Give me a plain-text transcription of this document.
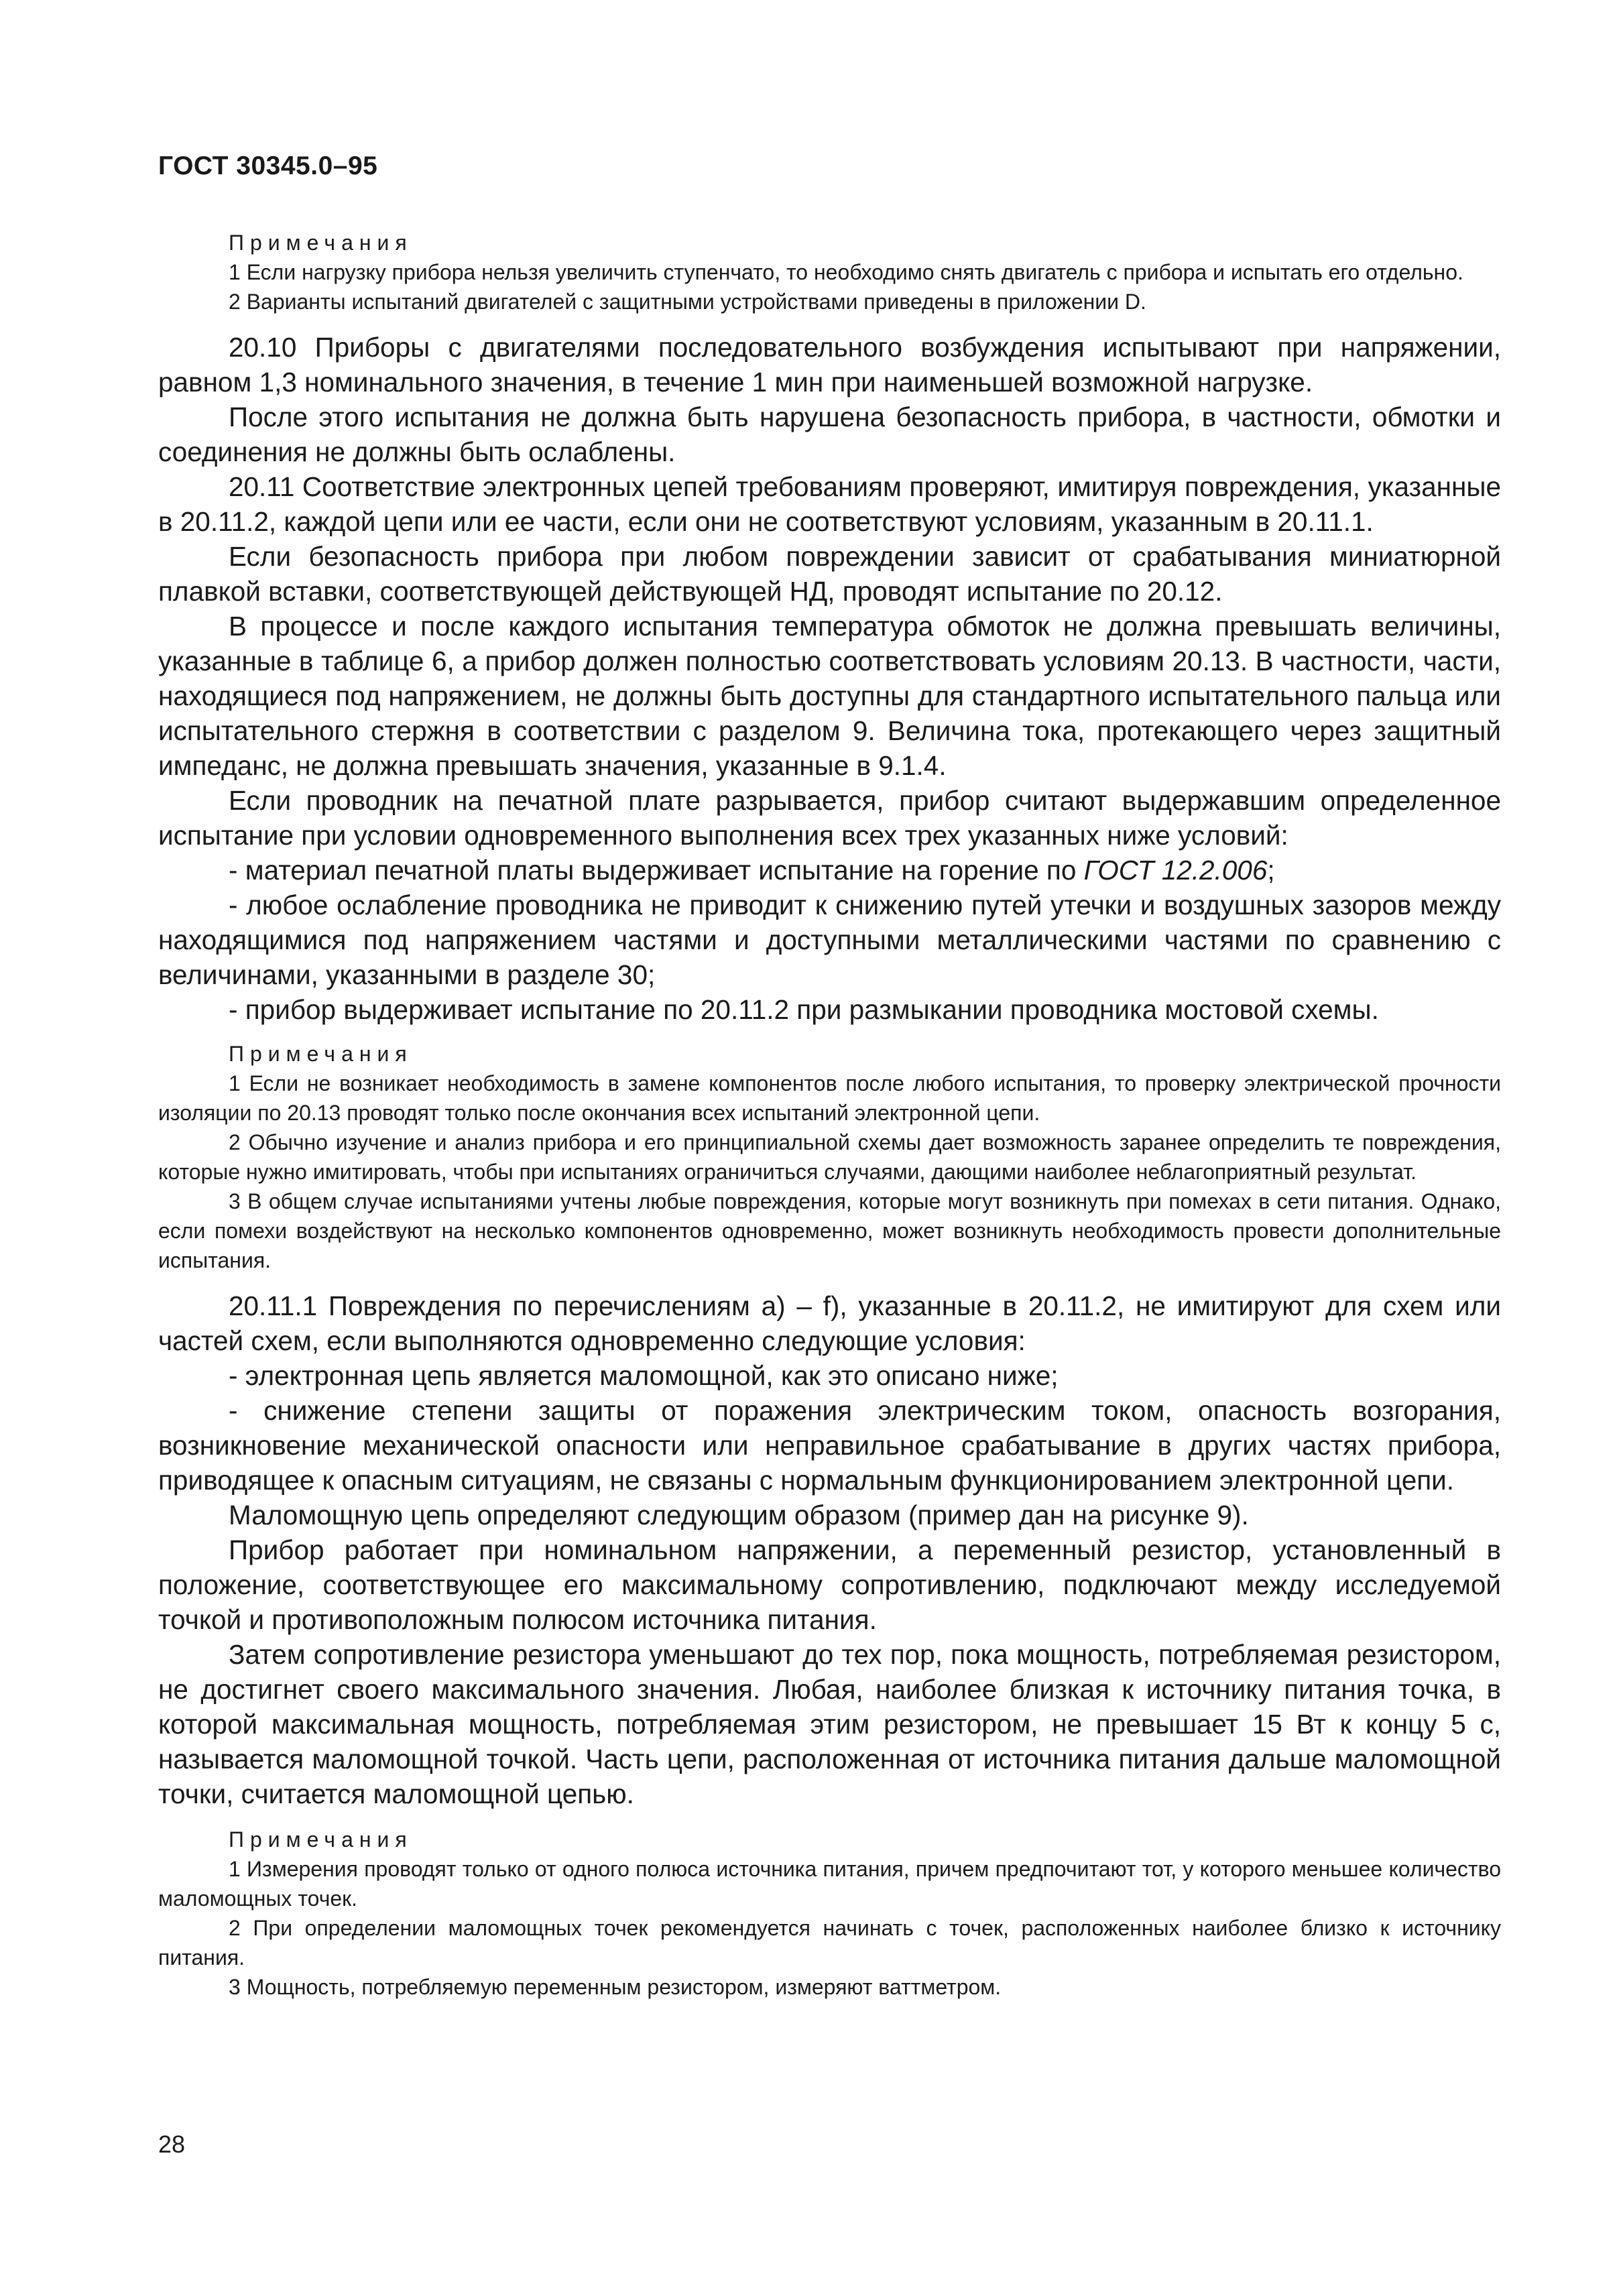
ГОСТ 30345.0–95

Примечания

1 Если нагрузку прибора нельзя увеличить ступенчато, то необходимо снять двигатель с прибора и испытать его отдельно.

2 Варианты испытаний двигателей с защитными устройствами приведены в приложении D.

20.10 Приборы с двигателями последовательного возбуждения испытывают при напряжении, равном 1,3 номинального значения, в течение 1 мин при наименьшей возможной нагрузке.

После этого испытания не должна быть нарушена безопасность прибора, в частности, обмотки и соединения не должны быть ослаблены.

20.11 Соответствие электронных цепей требованиям проверяют, имитируя повреждения, указанные в 20.11.2, каждой цепи или ее части, если они не соответствуют условиям, указанным в 20.11.1.

Если безопасность прибора при любом повреждении зависит от срабатывания миниатюрной плавкой вставки, соответствующей действующей НД, проводят испытание по 20.12.

В процессе и после каждого испытания температура обмоток не должна превышать величины, указанные в таблице 6, а прибор должен полностью соответствовать условиям 20.13. В частности, части, находящиеся под напряжением, не должны быть доступны для стандартного испытательного пальца или испытательного стержня в соответствии с разделом 9. Величина тока, протекающего через защитный импеданс, не должна превышать значения, указанные в 9.1.4.

Если проводник на печатной плате разрывается, прибор считают выдержавшим определенное испытание при условии одновременного выполнения всех трех указанных ниже условий:

- материал печатной платы выдерживает испытание на горение по ГОСТ 12.2.006;

- любое ослабление проводника не приводит к снижению путей утечки и воздушных зазоров между находящимися под напряжением частями и доступными металлическими частями по сравнению с величинами, указанными в разделе 30;

- прибор выдерживает испытание по 20.11.2 при размыкании проводника мостовой схемы.

Примечания

1 Если не возникает необходимость в замене компонентов после любого испытания, то проверку электрической прочности изоляции по 20.13 проводят только после окончания всех испытаний электронной цепи.

2 Обычно изучение и анализ прибора и его принципиальной схемы дает возможность заранее определить те повреждения, которые нужно имитировать, чтобы при испытаниях ограничиться случаями, дающими наиболее неблагоприятный результат.

3 В общем случае испытаниями учтены любые повреждения, которые могут возникнуть при помехах в сети питания. Однако, если помехи воздействуют на несколько компонентов одновременно, может возникнуть необходимость провести дополнительные испытания.

20.11.1 Повреждения по перечислениям a) – f), указанные в 20.11.2, не имитируют для схем или частей схем, если выполняются одновременно следующие условия:

- электронная цепь является маломощной, как это описано ниже;

- снижение степени защиты от поражения электрическим током, опасность возгорания, возникновение механической опасности или неправильное срабатывание в других частях прибора, приводящее к опасным ситуациям, не связаны с нормальным функционированием электронной цепи.

Маломощную цепь определяют следующим образом (пример дан на рисунке 9).

Прибор работает при номинальном напряжении, а переменный резистор, установленный в положение, соответствующее его максимальному сопротивлению, подключают между исследуемой точкой и противоположным полюсом источника питания.

Затем сопротивление резистора уменьшают до тех пор, пока мощность, потребляемая резистором, не достигнет своего максимального значения. Любая, наиболее близкая к источнику питания точка, в которой максимальная мощность, потребляемая этим резистором, не превышает 15 Вт к концу 5 с, называется маломощной точкой. Часть цепи, расположенная от источника питания дальше маломощной точки, считается маломощной цепью.

Примечания

1 Измерения проводят только от одного полюса источника питания, причем предпочитают тот, у которого меньшее количество маломощных точек.

2 При определении маломощных точек рекомендуется начинать с точек, расположенных наиболее близко к источнику питания.

3 Мощность, потребляемую переменным резистором, измеряют ваттметром.

28
